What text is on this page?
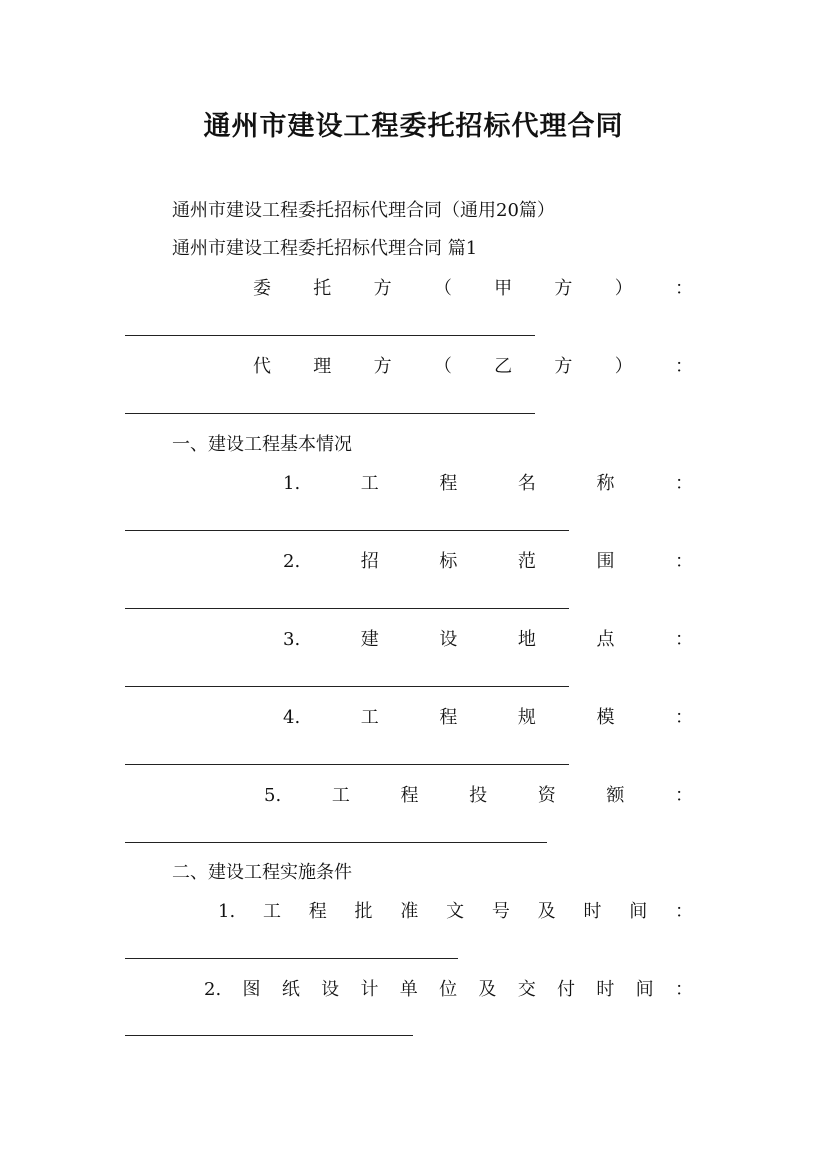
通州市建设工程委托招标代理合同
通州市建设工程委托招标代理合同（通用20篇）
通州市建设工程委托招标代理合同 篇1
委 托 方 （ 甲 方 ） ：
代 理 方 （ 乙 方 ） ：
一、建设工程基本情况
1.	工	程	名	称	：
2.	招	标	范	围	：
3.	建	设	地	点	：
4.	工	程	规	模	：
5.	工	程	投	资	额	：
二、建设工程实施条件
1. 工 程 批 准 文 号 及 时 间 ：
2. 图 纸 设 计 单 位 及 交 付 时 间 ：
